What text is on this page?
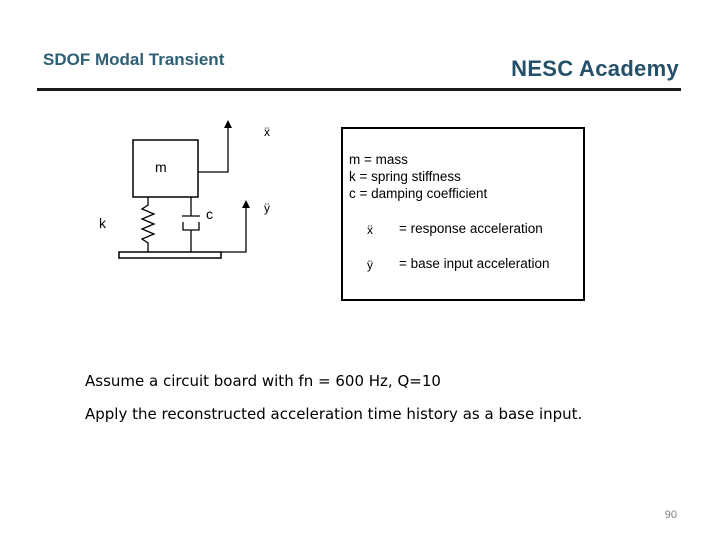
SDOF Modal Transient	NESC Academy
m
k
c
ẍ
ÿ
m = mass
k = spring stiffness
c = damping coefficient
ẍ = response acceleration
ÿ = base input acceleration
Assume a circuit board with fn = 600 Hz, Q=10
Apply the reconstructed acceleration time history as a base input.
90
